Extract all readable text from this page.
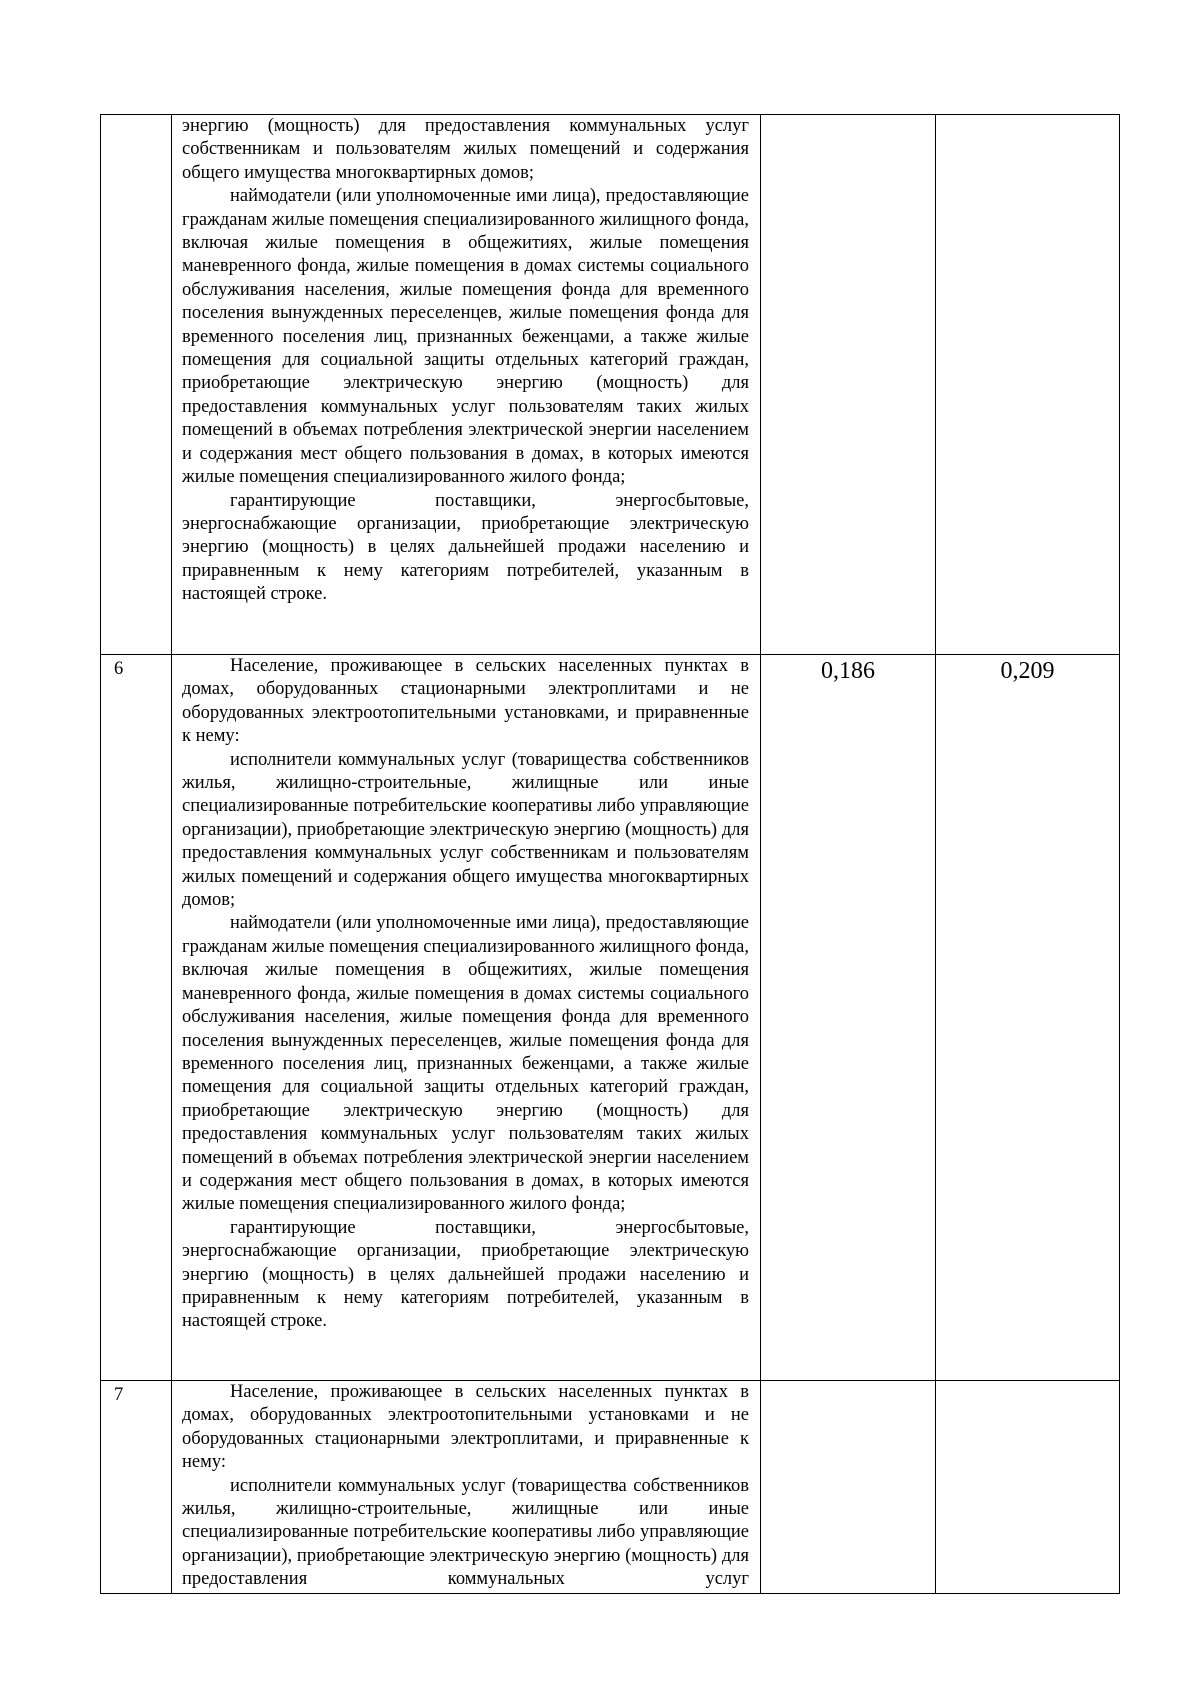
	энергию (мощность) для предоставления коммунальных услуг собственникам и пользователям жилых помещений и содержания общего имущества многоквартирных домов;

наймодатели (или уполномоченные ими лица), предоставляющие гражданам жилые помещения специализированного жилищного фонда, включая жилые помещения в общежитиях, жилые помещения маневренного фонда, жилые помещения в домах системы социального обслуживания населения, жилые помещения фонда для временного поселения вынужденных переселенцев, жилые помещения фонда для временного поселения лиц, признанных беженцами, а также жилые помещения для социальной защиты отдельных категорий граждан, приобретающие электрическую энергию (мощность) для предоставления коммунальных услуг пользователям таких жилых помещений в объемах потребления электрической энергии населением и содержания мест общего пользования в домах, в которых имеются жилые помещения специализированного жилого фонда;

гарантирующие поставщики, энергосбытовые, энергоснабжающие организации, приобретающие электрическую энергию (мощность) в целях дальнейшей продажи населению и приравненным к нему категориям потребителей, указанным в настоящей строке.		

6	Население, проживающее в сельских населенных пунктах в домах, оборудованных стационарными электроплитами и не оборудованных электроотопительными установками, и приравненные к нему:

исполнители коммунальных услуг (товарищества собственников жилья, жилищно-строительные, жилищные или иные специализированные потребительские кооперативы либо управляющие организации), приобретающие электрическую энергию (мощность) для предоставления коммунальных услуг собственникам и пользователям жилых помещений и содержания общего имущества многоквартирных домов;

наймодатели (или уполномоченные ими лица), предоставляющие гражданам жилые помещения специализированного жилищного фонда, включая жилые помещения в общежитиях, жилые помещения маневренного фонда, жилые помещения в домах системы социального обслуживания населения, жилые помещения фонда для временного поселения вынужденных переселенцев, жилые помещения фонда для временного поселения лиц, признанных беженцами, а также жилые помещения для социальной защиты отдельных категорий граждан, приобретающие электрическую энергию (мощность) для предоставления коммунальных услуг пользователям таких жилых помещений в объемах потребления электрической энергии населением и содержания мест общего пользования в домах, в которых имеются жилые помещения специализированного жилого фонда;

гарантирующие поставщики, энергосбытовые, энергоснабжающие организации, приобретающие электрическую энергию (мощность) в целях дальнейшей продажи населению и приравненным к нему категориям потребителей, указанным в настоящей строке.	0,186	0,209
7	Население, проживающее в сельских населенных пунктах в домах, оборудованных электроотопительными установками и не оборудованных стационарными электроплитами, и приравненные к нему:

исполнители коммунальных услуг (товарищества собственников жилья, жилищно-строительные, жилищные или иные специализированные потребительские кооперативы либо управляющие организации), приобретающие электрическую энергию (мощность) для предоставления коммунальных услуг		
